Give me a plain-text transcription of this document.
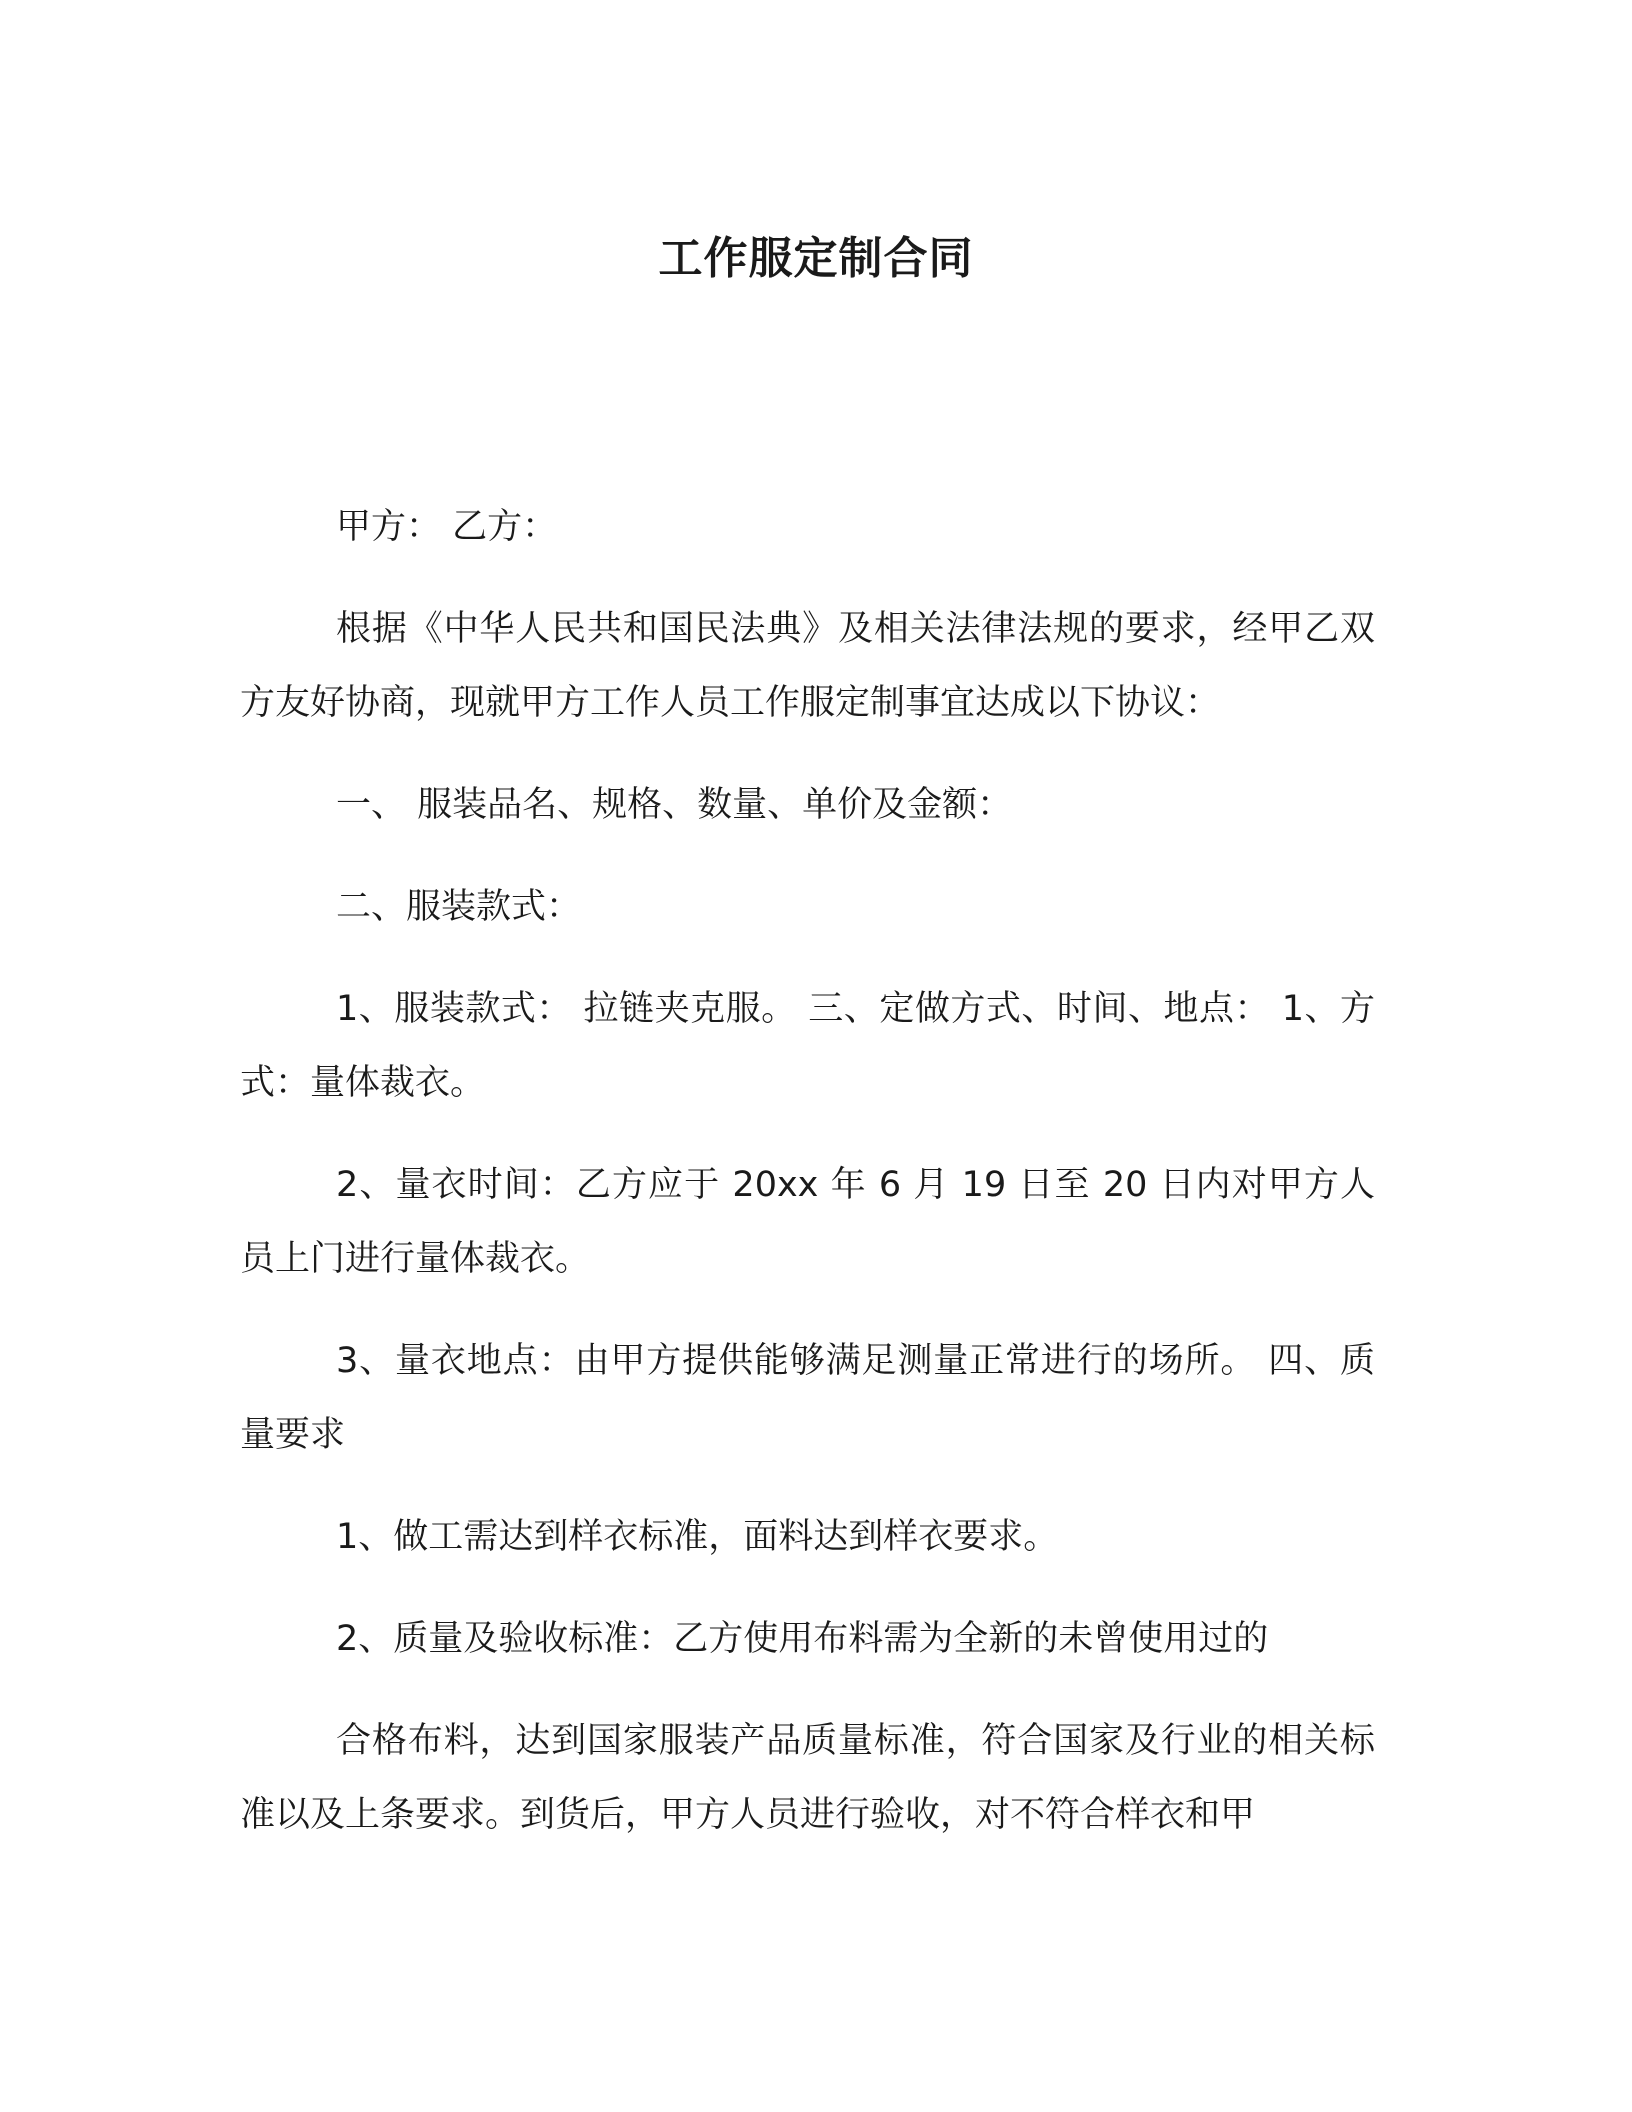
工作服定制合同

甲方： 乙方：

根据《中华人民共和国民法典》及相关法律法规的要求，经甲乙双方友好协商，现就甲方工作人员工作服定制事宜达成以下协议：

一、 服装品名、规格、数量、单价及金额：

二、服装款式：

1、服装款式： 拉链夹克服。 三、定做方式、时间、地点： 1、方式：量体裁衣。

2、量衣时间：乙方应于 20xx 年 6 月 19 日至 20 日内对甲方人员上门进行量体裁衣。

3、量衣地点：由甲方提供能够满足测量正常进行的场所。 四、质量要求

1、做工需达到样衣标准，面料达到样衣要求。

2、质量及验收标准：乙方使用布料需为全新的未曾使用过的

合格布料，达到国家服装产品质量标准，符合国家及行业的相关标准以及上条要求。到货后，甲方人员进行验收，对不符合样衣和甲
